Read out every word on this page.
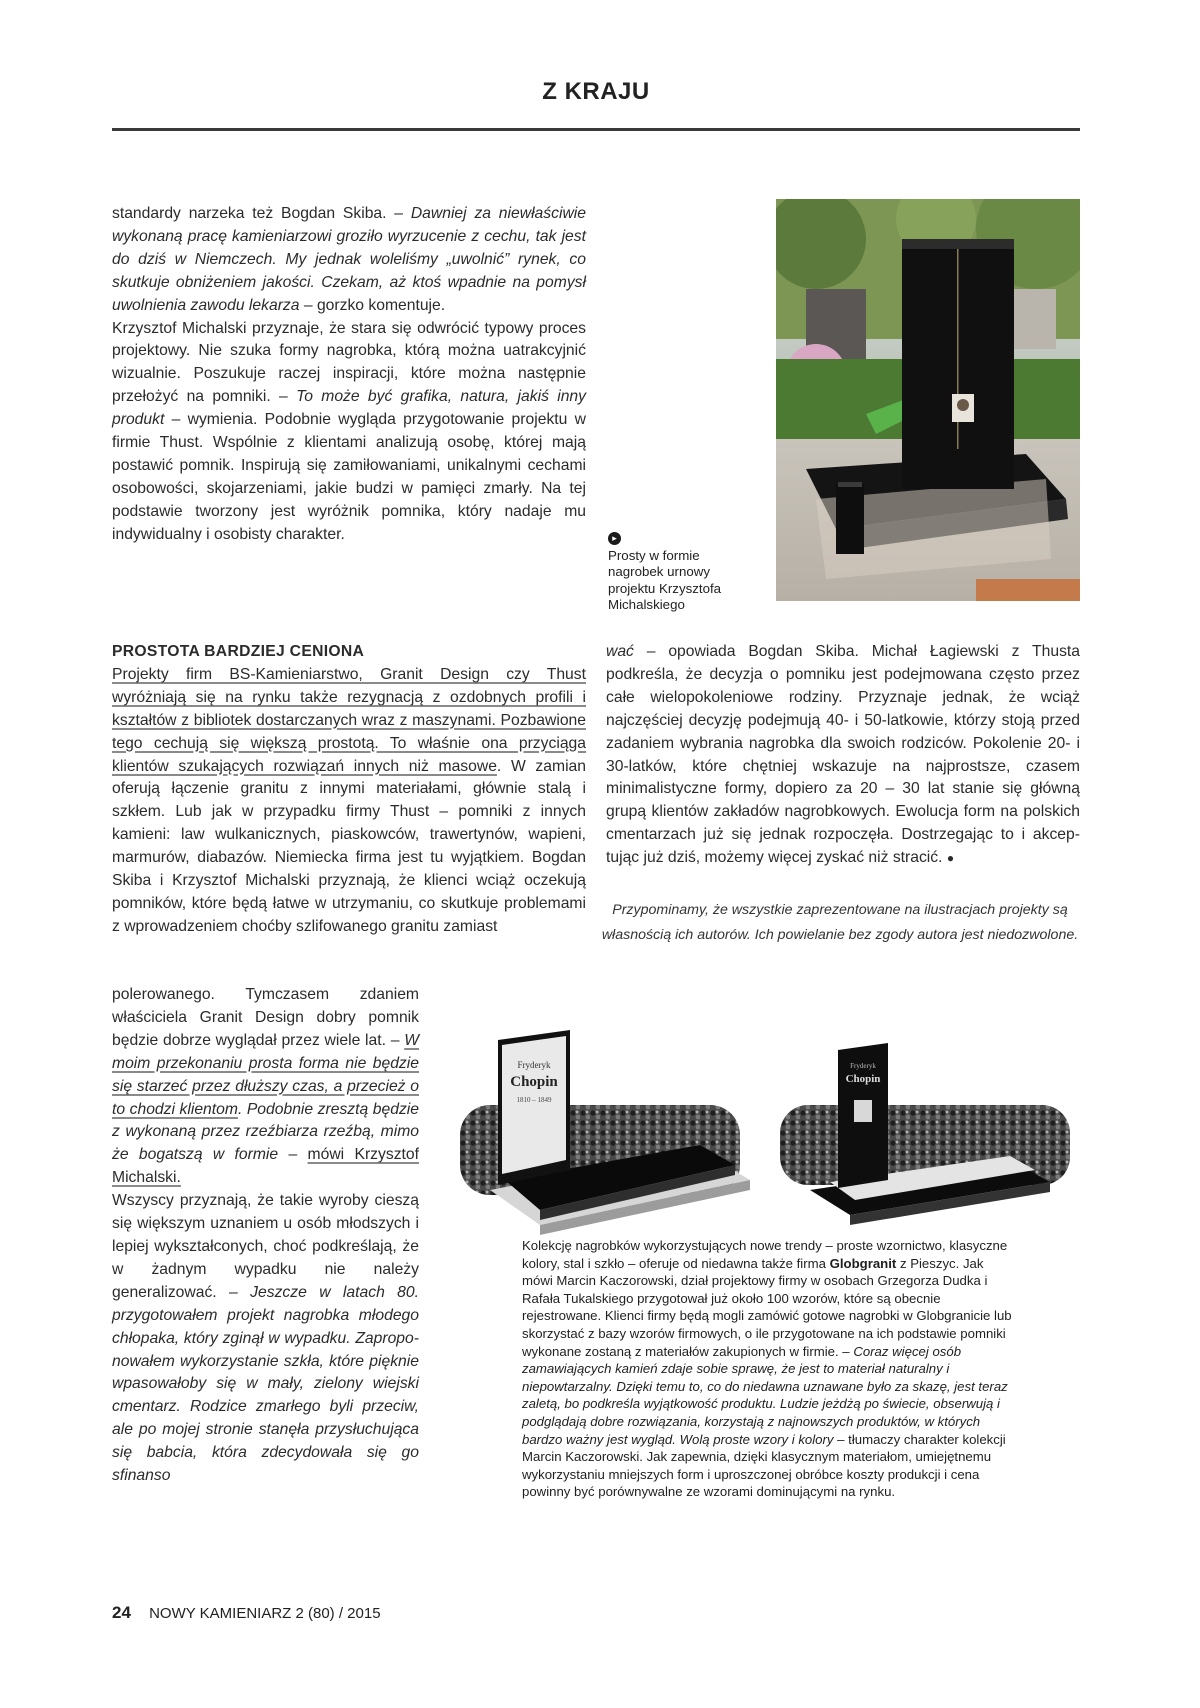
Z KRAJU

standardy narzeka też Bogdan Skiba. – Dawniej za niewłaściwie wykonaną pracę kamieniarzowi groziło wyrzucenie z cechu, tak jest do dziś w Niemczech. My jednak woleliśmy „uwolnić” rynek, co skutkuje obniżeniem jakości. Czekam, aż ktoś wpadnie na pomysł uwolnienia zawodu lekarza – gorzko komentuje.

Krzysztof Michalski przyznaje, że stara się odwrócić typowy proces projektowy. Nie szuka formy nagrobka, którą można uatrakcyjnić wizualnie. Poszukuje raczej inspiracji, które można następnie przełożyć na pomniki. – To może być grafika, natura, jakiś inny produkt – wymienia. Podobnie wygląda przygotowanie projektu w firmie Thust. Wspólnie z klientami analizują osobę, której mają postawić pomnik. Inspirują się zamiłowaniami, unikalnymi cechami osobowości, skojarzeniami, jakie budzi w pamięci zmarły. Na tej podstawie tworzony jest wyróżnik pomnika, który nadaje mu indywidualny i osobisty charakter.	▸
Prosty w formie nagrobek urnowy projektu Krzysztofa Michalskiego

PROSTOTA BARDZIEJ CENIONA

Projekty firm BS-Kamieniarstwo, Granit Design czy Thust wyróżniają się na rynku także rezygnacją z ozdobnych profili i kształtów z bibliotek dostarczanych wraz z maszynami. Pozbawione tego cechują się większą prostotą. To właśnie ona przyciąga klientów szukających rozwiązań innych niż masowe. W zamian oferują łączenie granitu z innymi materiałami, głównie stalą i szkłem. Lub jak w przypadku firmy Thust – pomniki z innych kamieni: law wulkanicznych, piaskowców, trawertynów, wapieni, marmurów, diabazów. Niemiecka firma jest tu wyjątkiem. Bogdan Skiba i Krzysztof Michalski przyznają, że klienci wciąż oczekują pomników, które będą łatwe w utrzymaniu, co skutkuje problemami z wprowadzeniem choćby szlifowanego granitu zamiast

polerowanego. Tymczasem zdaniem właściciela Granit Design dobry pomnik będzie dobrze wyglądał przez wiele lat. – W moim przekonaniu prosta forma nie będzie się starzeć przez dłuższy czas, a przecież o to chodzi klientom. Podobnie zresztą będzie z wykonaną przez rzeźbiarza rzeźbą, mimo że bogatszą w formie – mówi Krzysztof Michalski.

Wszyscy przyznają, że takie wyroby cieszą się większym uznaniem u osób młodszych i lepiej wykształconych, choć podkreślają, że w żadnym wypadku nie należy generalizować. – Jeszcze w latach 80. przygotowałem projekt nagrobka młodego chłopaka, który zginął w wypadku. Zaproponowałem wykorzystanie szkła, które pięknie wpasowałoby się w mały, zielony wiejski cmentarz. Rodzice zmarłego byli przeciw, ale po mojej stronie stanęła przysłuchująca się babcia, która zdecydowała się go sfinanso

wać – opowiada Bogdan Skiba. Michał Łagiewski z Thusta podkreśla, że decyzja o pomniku jest podejmowana często przez całe wielopokoleniowe rodziny. Przyznaje jednak, że wciąż najczęściej decyzję podejmują 40- i 50-latkowie, którzy stoją przed zadaniem wybrania nagrobka dla swoich rodziców. Pokolenie 20- i 30-latków, które chętniej wskazuje na najprostsze, czasem minimalistyczne formy, dopiero za 20 – 30 lat stanie się główną grupą klientów zakładów nagrobkowych. Ewolucja form na polskich cmentarzach już się jednak rozpoczęła. Dostrzegając to i akceptując już dziś, możemy więcej zyskać niż stracić. ●

Przypominamy, że wszystkie zaprezentowane na ilustracjach projekty są własnością ich autorów. Ich powielanie bez zgody autora jest niedozwolone.
Fryderyk
Chopin
1810 – 1849
Fryderyk
Chopin

Kolekcję nagrobków wykorzystujących nowe trendy – proste wzornictwo, klasyczne kolory, stal i szkło – oferuje od niedawna także firma Globgranit z Pieszyc. Jak mówi Marcin Kaczorowski, dział projektowy firmy w osobach Grzegorza Dudka i Rafała Tukalskiego przygotował już około 100 wzorów, które są obecnie rejestrowane. Klienci firmy będą mogli zamówić gotowe nagrobki w Globgranicie lub skorzystać z bazy wzorów firmowych, o ile przygotowane na ich podstawie pomniki wykonane zostaną z materiałów zakupionych w firmie. – Coraz więcej osób zamawiających kamień zdaje sobie sprawę, że jest to materiał naturalny i niepowtarzalny. Dzięki temu to, co do niedawna uznawane było za skazę, jest teraz zaletą, bo podkreśla wyjątkowość produktu. Ludzie jeżdżą po świecie, obserwują i podglądają dobre rozwiązania, korzystają z najnowszych produktów, w których bardzo ważny jest wygląd. Wolą proste wzory i kolory – tłumaczy charakter kolekcji Marcin Kaczorowski. Jak zapewnia, dzięki klasycznym materiałom, umiejętnemu wykorzystaniu mniejszych form i uproszczonej obróbce koszty produkcji i cena powinny być porównywalne ze wzorami dominującymi na rynku.

24 NOWY KAMIENIARZ 2 (80) / 2015
